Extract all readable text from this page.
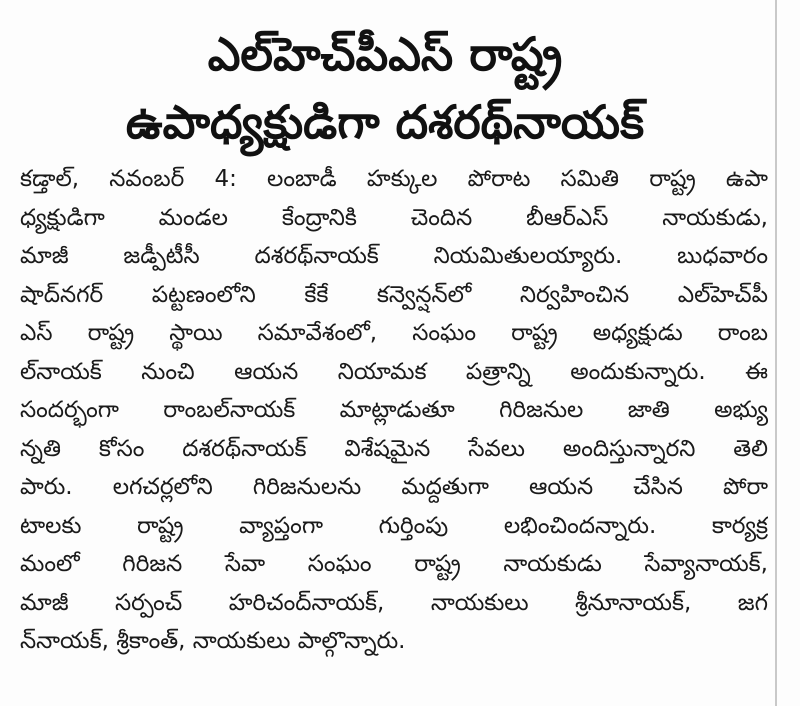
ఎల్‌హెచ్‌పీఎస్ రాష్ట్ర
ఉపాధ్యక్షుడిగా దశరథ్‌నాయక్
కడ్తాల్, నవంబర్ 4: లంబాడీ హక్కుల పోరాట సమితి రాష్ట్ర ఉపా
ధ్యక్షుడిగా మండల కేంద్రానికి చెందిన బీఆర్ఎస్ నాయకుడు,
మాజీ జడ్పీటీసీ దశరథ్‌నాయక్ నియమితులయ్యారు. బుధవారం
షాద్‌నగర్ పట్టణంలోని కేకే కన్వెన్షన్‌లో నిర్వహించిన ఎల్‌హెచ్‌పీ
ఎస్ రాష్ట్ర స్థాయి సమావేశంలో, సంఘం రాష్ట్ర అధ్యక్షుడు రాంబ
ల్‌నాయక్ నుంచి ఆయన నియామక పత్రాన్ని అందుకున్నారు. ఈ
సందర్భంగా రాంబల్‌నాయక్ మాట్లాడుతూ గిరిజనుల జాతి అభ్యు
న్నతి కోసం దశరథ్‌నాయక్ విశేషమైన సేవలు అందిస్తున్నారని తెలి
పారు. లగచర్లలోని గిరిజనులను మద్దతుగా ఆయన చేసిన పోరా
టాలకు రాష్ట్ర వ్యాప్తంగా గుర్తింపు లభించిందన్నారు. కార్యక్ర
మంలో గిరిజన సేవా సంఘం రాష్ట్ర నాయకుడు సేవ్యానాయక్,
మాజీ సర్పంచ్ హరిచంద్‌నాయక్, నాయకులు శ్రీనూనాయక్, జగ
న్‌నాయక్, శ్రీకాంత్, నాయకులు పాల్గొన్నారు.
